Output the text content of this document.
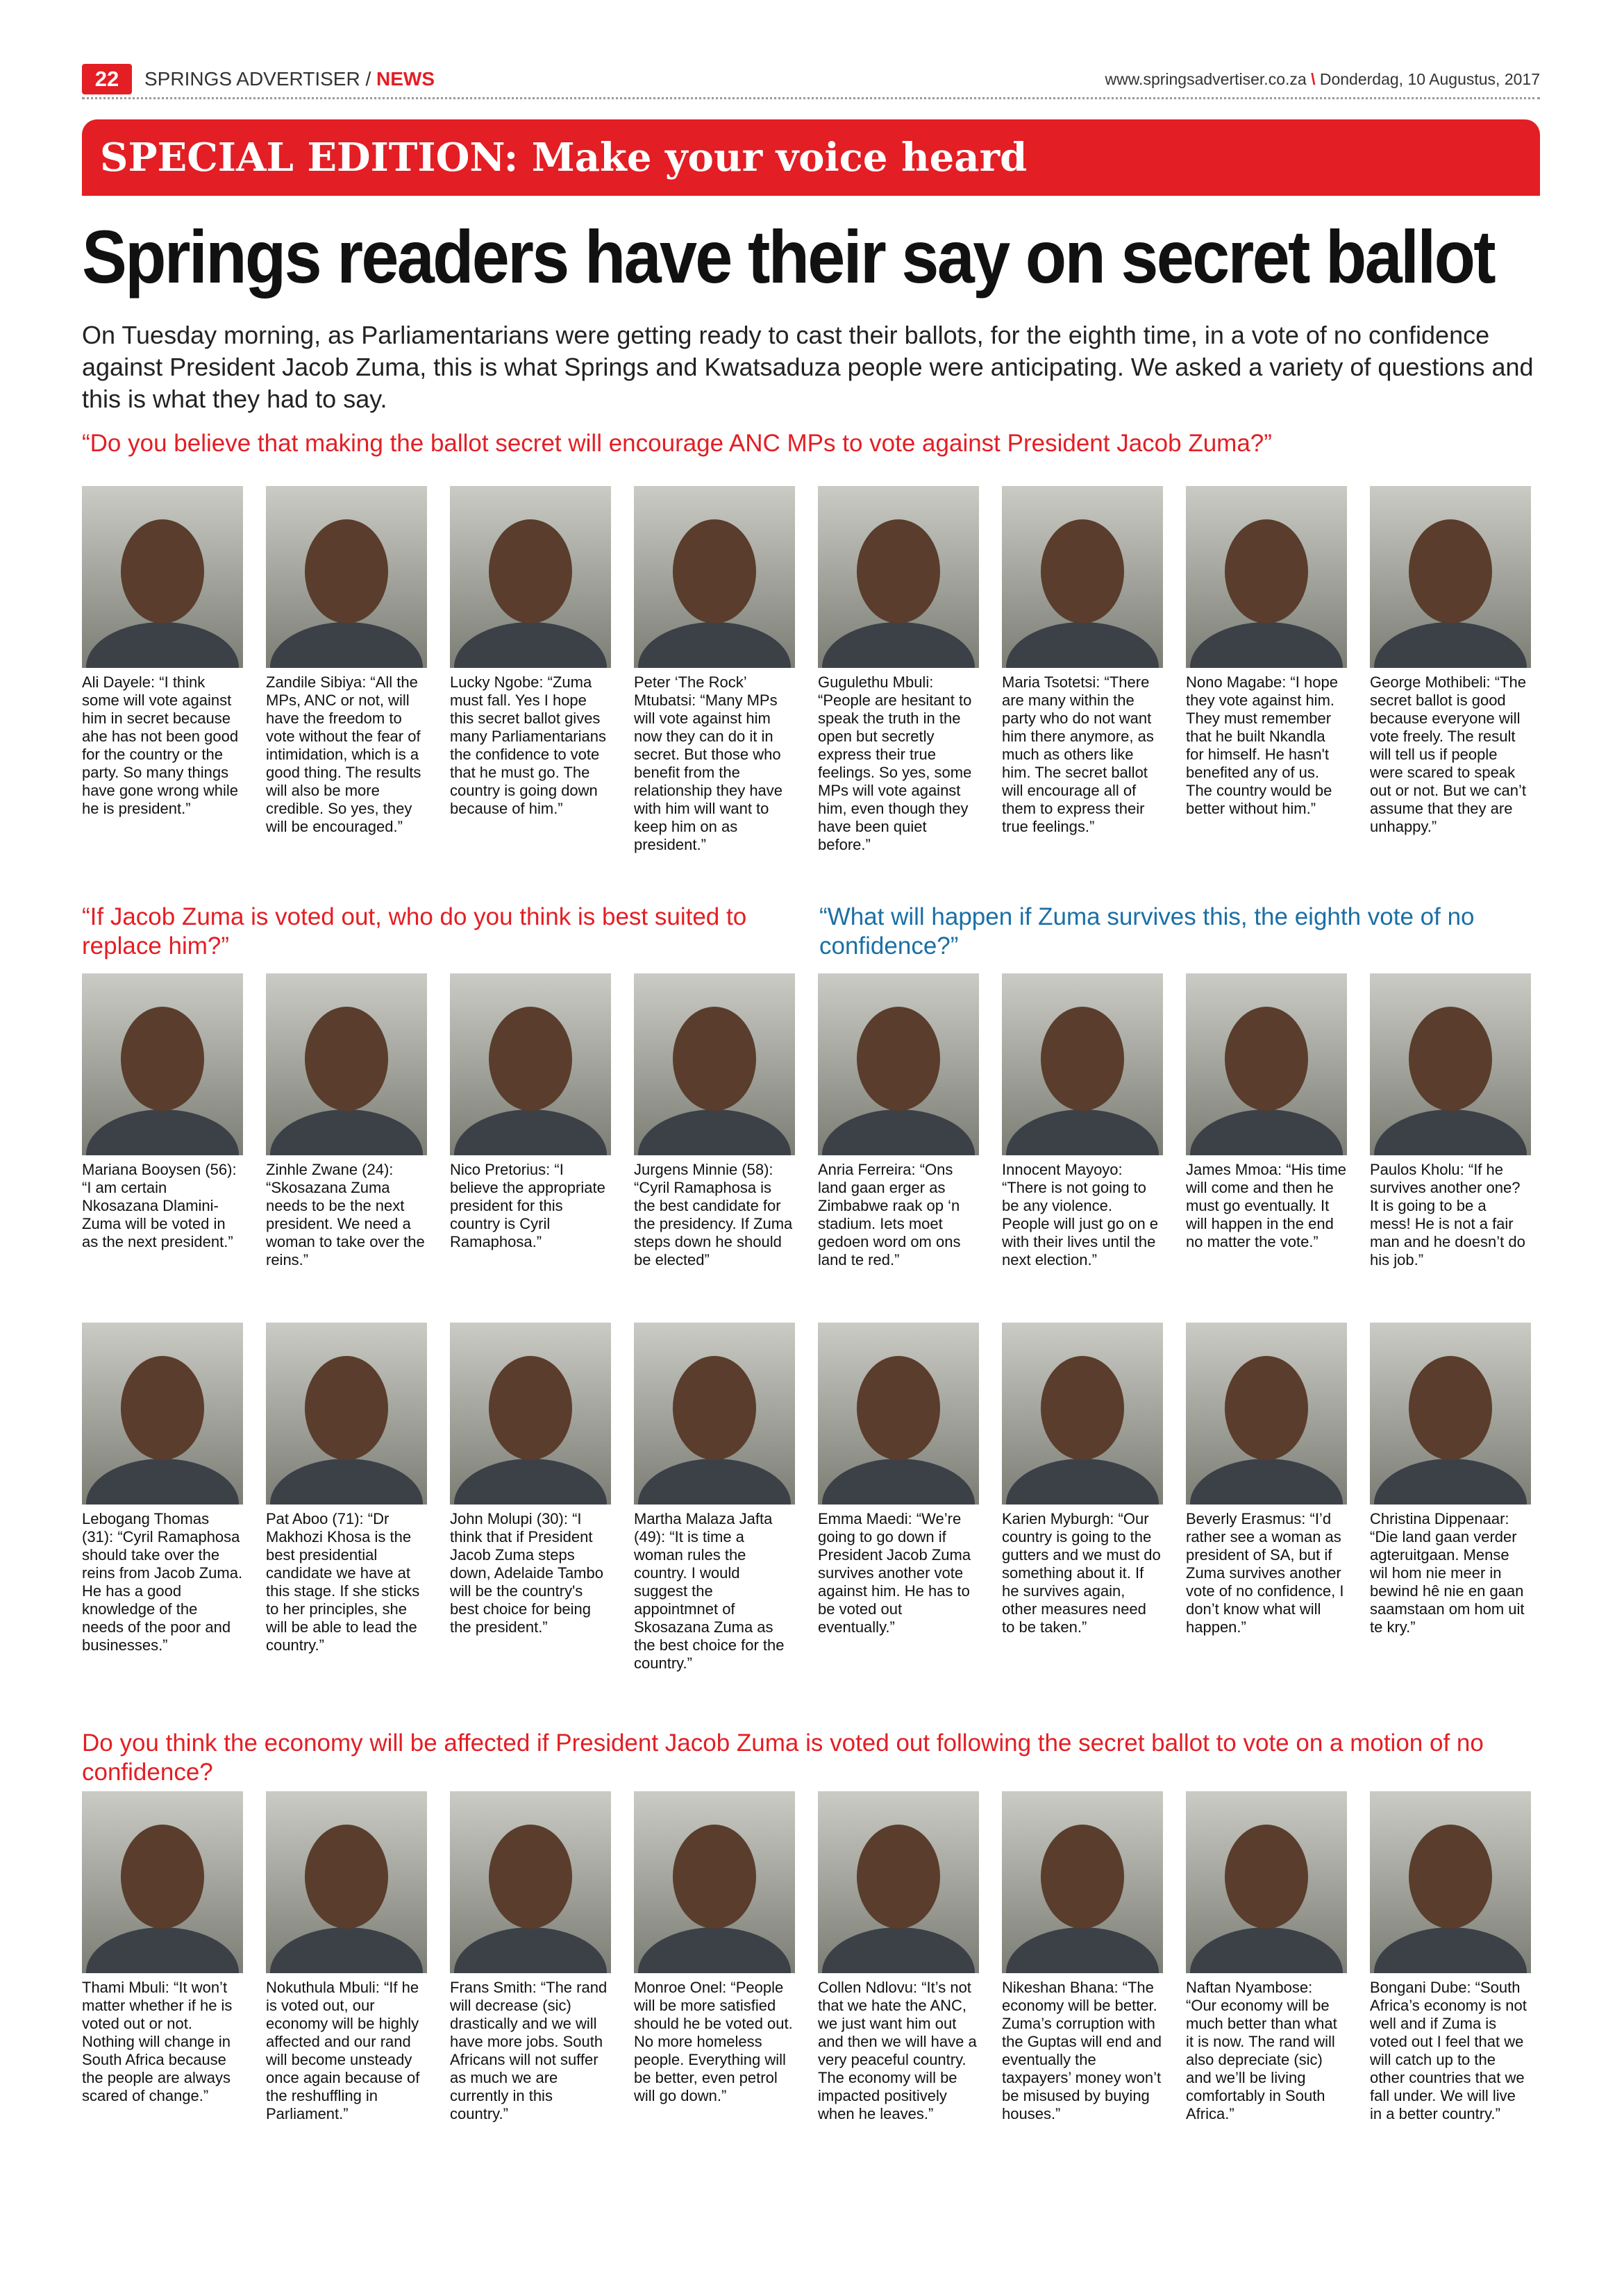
22	SPRINGS ADVERTISER / NEWS	www.springsadvertiser.co.za \ Donderdag, 10 Augustus, 2017
SPECIAL EDITION: Make your voice heard
Springs readers have their say on secret ballot
On Tuesday morning, as Parliamentarians were getting ready to cast their ballots, for the eighth time, in a vote of no confidence against President Jacob Zuma, this is what Springs and Kwatsaduza people were anticipating. We asked a variety of questions and this is what they had to say.
“Do you believe that making the ballot secret will encourage ANC MPs to vote against President Jacob Zuma?”
“If Jacob Zuma is voted out, who do you think is best suited to replace him?”
“What will happen if Zuma survives this, the eighth vote of no confidence?”
Do you think the economy will be affected if President Jacob Zuma is voted out following the secret ballot to vote on a motion of no confidence?
Ali Dayele: “I think some will vote against him in secret because ahe has not been good for the country or the party. So many things have gone wrong while he is president.”
Zandile Sibiya: “All the MPs, ANC or not, will have the freedom to vote without the fear of intimidation, which is a good thing. The results will also be more credible. So yes, they will be encouraged.”
Lucky Ngobe: “Zuma must fall. Yes I hope this secret ballot gives many Parliamentarians the confidence to vote that he must go. The country is going down because of him.”
Peter ‘The Rock’ Mtubatsi: “Many MPs will vote against him now they can do it in secret. But those who benefit from the relationship they have with him will want to keep him on as president.”
Gugulethu Mbuli: “People are hesitant to speak the truth in the open but secretly express their true feelings. So yes, some MPs will vote against him, even though they have been quiet before.”
Maria Tsotetsi: “There are many within the party who do not want him there anymore, as much as others like him. The secret ballot will encourage all of them to express their true feelings.”
Nono Magabe: “I hope they vote against him. They must remember that he built Nkandla for himself. He hasn't benefited any of us. The country would be better without him.”
George Mothibeli: “The secret ballot is good because everyone will vote freely. The result will tell us if people were scared to speak out or not. But we can’t assume that they are unhappy.”
Mariana Booysen (56): “I am certain Nkosazana Dlamini-Zuma will be voted in as the next president.”
Zinhle Zwane (24): “Skosazana Zuma needs to be the next president. We need a woman to take over the reins.”
Nico Pretorius: “I believe the appropriate president for this country is Cyril Ramaphosa.”
Jurgens Minnie (58): “Cyril Ramaphosa is the best candidate for the presidency. If Zuma steps down he should be elected”
Anria Ferreira: “Ons land gaan erger as Zimbabwe raak op ‘n stadium. Iets moet gedoen word om ons land te red.”
Innocent Mayoyo: “There is not going to be any violence. People will just go on e with their lives until the next election.”
James Mmoa: “His time will come and then he must go eventually. It will happen in the end no matter the vote.”
Paulos Kholu: “If he survives another one? It is going to be a mess! He is not a fair man and he doesn’t do his job.”
Lebogang Thomas (31): “Cyril Ramaphosa should take over the reins from Jacob Zuma. He has a good knowledge of the needs of the poor and businesses.”
Pat Aboo (71): “Dr Makhozi Khosa is the best presidential candidate we have at this stage. If she sticks to her principles, she will be able to lead the country.”
John Molupi (30): “I think that if President Jacob Zuma steps down, Adelaide Tambo will be the country's best choice for being the president.”
Martha Malaza Jafta (49): “It is time a woman rules the country. I would suggest the appointmnet of Skosazana Zuma as the best choice for the country.”
Emma Maedi: “We’re going to go down if President Jacob Zuma survives another vote against him. He has to be voted out eventually.”
Karien Myburgh: “Our country is going to the gutters and we must do something about it. If he survives again, other measures need to be taken.”
Beverly Erasmus: “I’d rather see a woman as president of SA, but if Zuma survives another vote of no confidence, I don’t know what will happen.”
Christina Dippenaar: “Die land gaan verder agteruitgaan. Mense wil hom nie meer in bewind hê nie en gaan saamstaan om hom uit te kry.”
Thami Mbuli: “It won’t matter whether if he is voted out or not. Nothing will change in South Africa because the people are always scared of change.”
Nokuthula Mbuli: “If he is voted out, our economy will be highly affected and our rand will become unsteady once again because of the reshuffling in Parliament.”
Frans Smith: “The rand will decrease (sic) drastically and we will have more jobs. South Africans will not suffer as much we are currently in this country.”
Monroe Onel: “People will be more satisfied should he be voted out. No more homeless people. Everything will be better, even petrol will go down.”
Collen Ndlovu: “It’s not that we hate the ANC, we just want him out and then we will have a very peaceful country. The economy will be impacted positively when he leaves.”
Nikeshan Bhana: “The economy will be better. Zuma’s corruption with the Guptas will end and eventually the taxpayers’ money won’t be misused by buying houses.”
Naftan Nyambose: “Our economy will be much better than what it is now. The rand will also depreciate (sic) and we’ll be living comfortably in South Africa.”
Bongani Dube: “South Africa’s economy is not well and if Zuma is voted out I feel that we will catch up to the other countries that we fall under. We will live in a better country.”
